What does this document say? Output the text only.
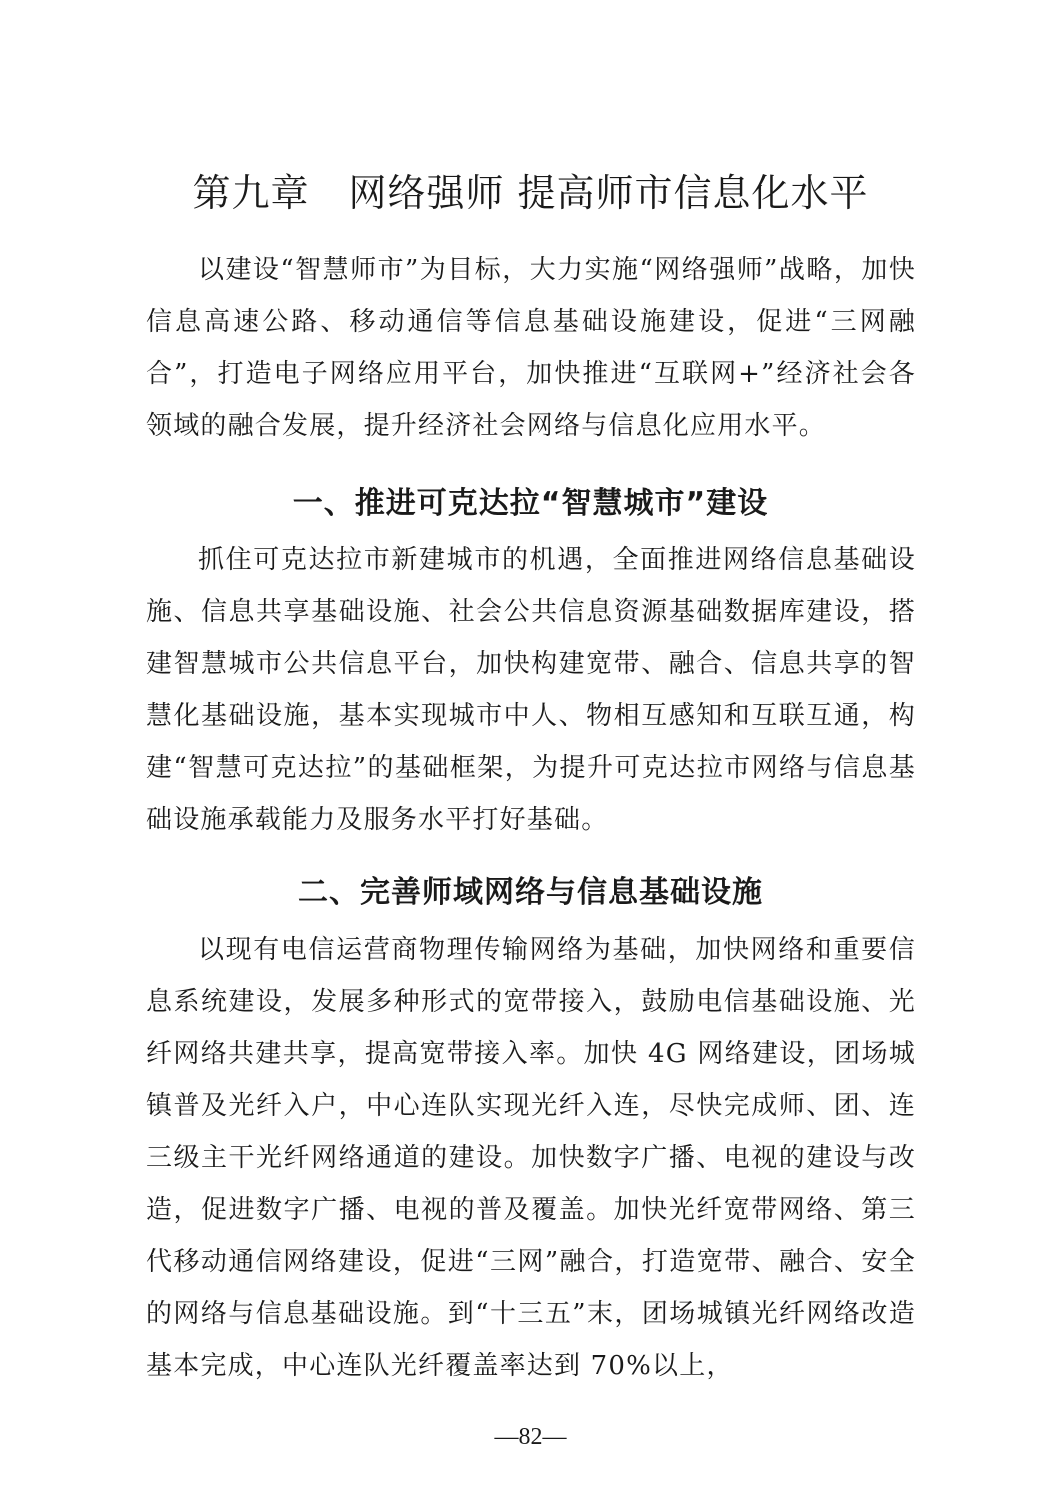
第九章　网络强师 提高师市信息化水平

以建设“智慧师市”为目标，大力实施“网络强师”战略，加快信息高速公路、移动通信等信息基础设施建设，促进“三网融合”，打造电子网络应用平台，加快推进“互联网+”经济社会各领域的融合发展，提升经济社会网络与信息化应用水平。

一、推进可克达拉“智慧城市”建设

抓住可克达拉市新建城市的机遇，全面推进网络信息基础设施、信息共享基础设施、社会公共信息资源基础数据库建设，搭建智慧城市公共信息平台，加快构建宽带、融合、信息共享的智慧化基础设施，基本实现城市中人、物相互感知和互联互通，构建“智慧可克达拉”的基础框架，为提升可克达拉市网络与信息基础设施承载能力及服务水平打好基础。

二、完善师域网络与信息基础设施

以现有电信运营商物理传输网络为基础，加快网络和重要信息系统建设，发展多种形式的宽带接入，鼓励电信基础设施、光纤网络共建共享，提高宽带接入率。加快 4G 网络建设，团场城镇普及光纤入户，中心连队实现光纤入连，尽快完成师、团、连三级主干光纤网络通道的建设。加快数字广播、电视的建设与改造，促进数字广播、电视的普及覆盖。加快光纤宽带网络、第三代移动通信网络建设，促进“三网”融合，打造宽带、融合、安全的网络与信息基础设施。到“十三五”末，团场城镇光纤网络改造基本完成，中心连队光纤覆盖率达到 70%以上，

—82—
